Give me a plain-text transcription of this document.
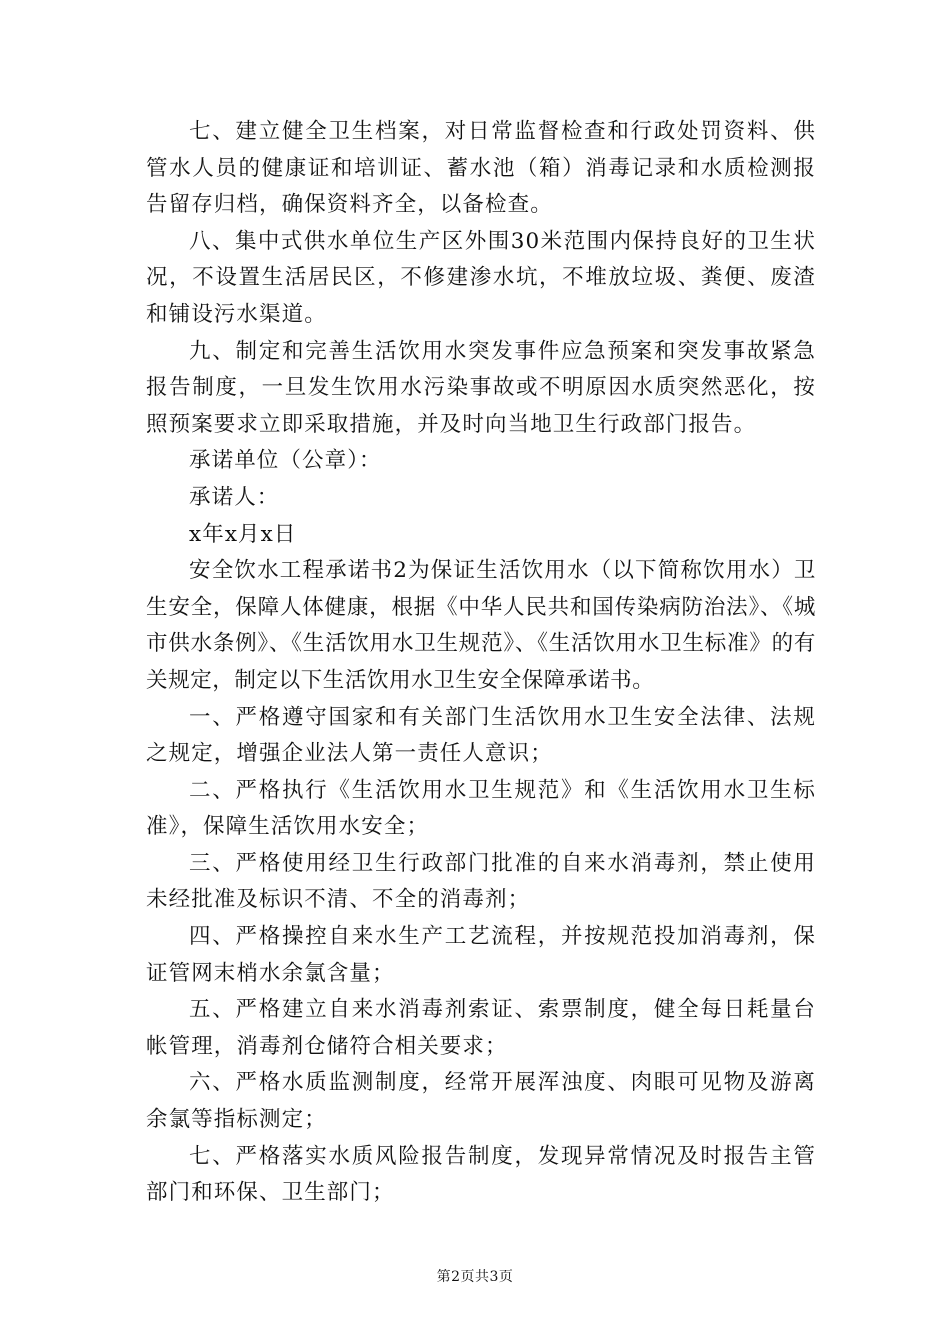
七、建立健全卫生档案，对日常监督检查和行政处罚资料、供管水人员的健康证和培训证、蓄水池（箱）消毒记录和水质检测报告留存归档，确保资料齐全，以备检查。

八、集中式供水单位生产区外围30米范围内保持良好的卫生状况，不设置生活居民区，不修建渗水坑，不堆放垃圾、粪便、废渣和铺设污水渠道。

九、制定和完善生活饮用水突发事件应急预案和突发事故紧急报告制度，一旦发生饮用水污染事故或不明原因水质突然恶化，按照预案要求立即采取措施，并及时向当地卫生行政部门报告。

承诺单位（公章）：

承诺人：

x年x月x日

安全饮水工程承诺书2为保证生活饮用水（以下简称饮用水）卫生安全，保障人体健康，根据《中华人民共和国传染病防治法》、《城市供水条例》、《生活饮用水卫生规范》、《生活饮用水卫生标准》的有关规定，制定以下生活饮用水卫生安全保障承诺书。

一、严格遵守国家和有关部门生活饮用水卫生安全法律、法规之规定，增强企业法人第一责任人意识；

二、严格执行《生活饮用水卫生规范》和《生活饮用水卫生标准》，保障生活饮用水安全；

三、严格使用经卫生行政部门批准的自来水消毒剂，禁止使用未经批准及标识不清、不全的消毒剂；

四、严格操控自来水生产工艺流程，并按规范投加消毒剂，保证管网末梢水余氯含量；

五、严格建立自来水消毒剂索证、索票制度，健全每日耗量台帐管理，消毒剂仓储符合相关要求；

六、严格水质监测制度，经常开展浑浊度、肉眼可见物及游离余氯等指标测定；

七、严格落实水质风险报告制度，发现异常情况及时报告主管部门和环保、卫生部门；

第2页共3页
